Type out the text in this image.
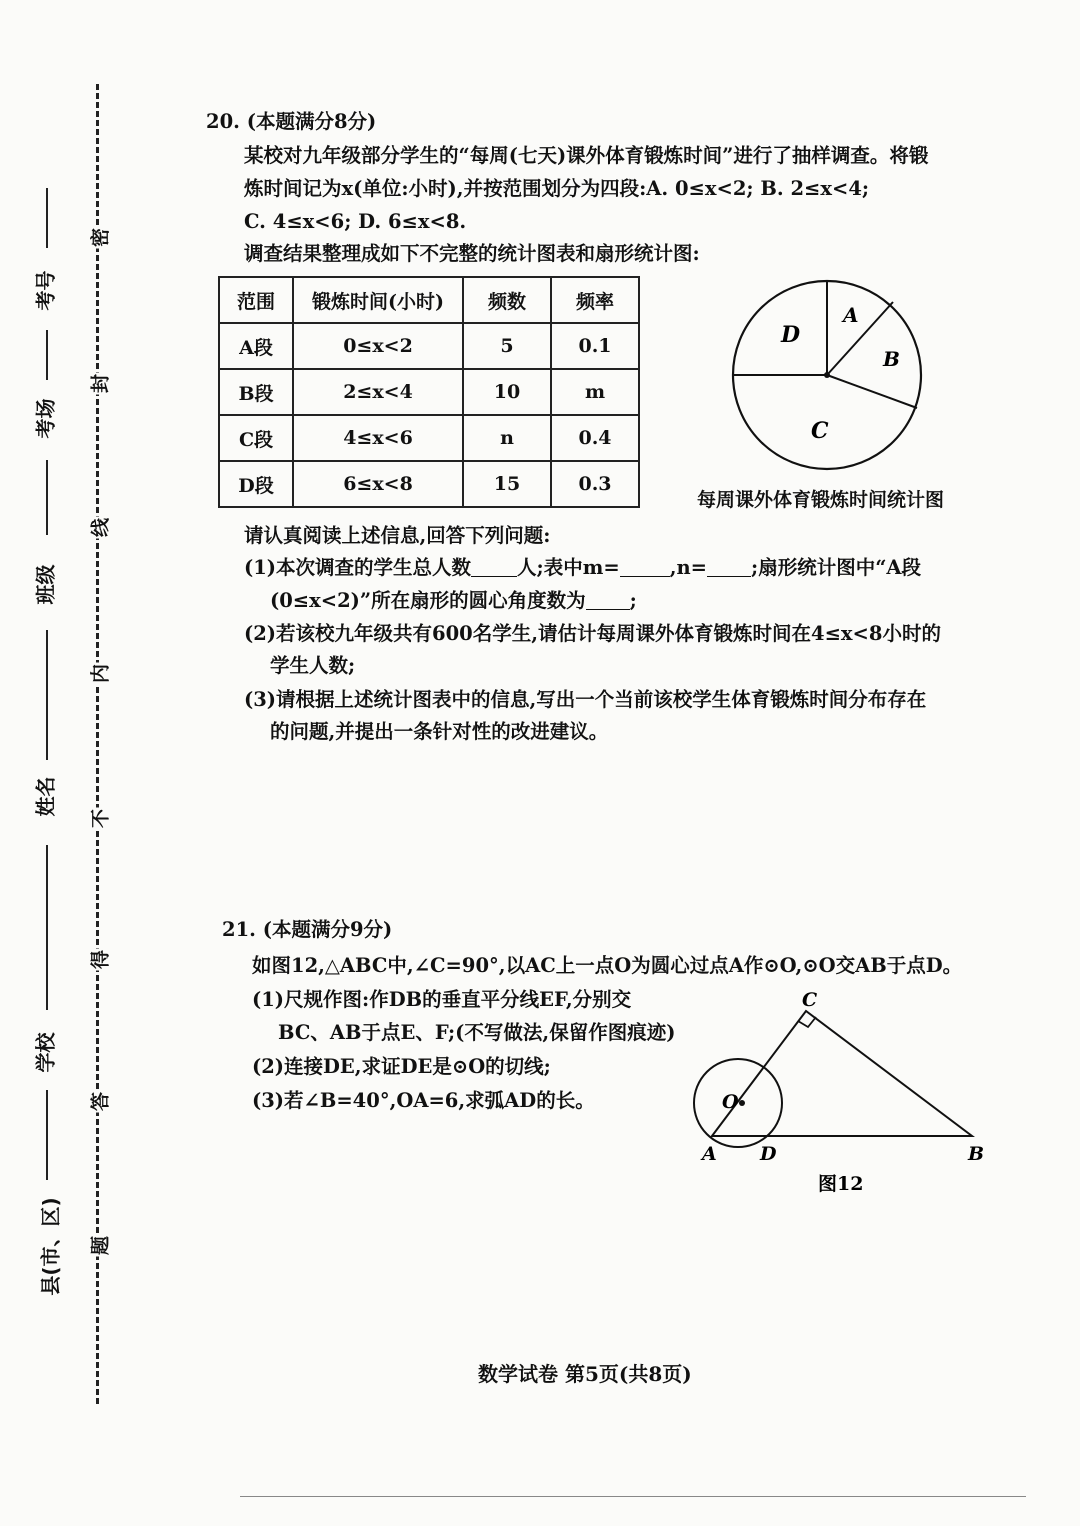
考号
考场
班级
姓名
学校
县(市、区)
密
封
线
内
不
得
答
题
20. (本题满分8分)
某校对九年级部分学生的“每周(七天)课外体育锻炼时间”进行了抽样调查。将锻
炼时间记为x(单位:小时),并按范围划分为四段:A. 0≤x<2; B. 2≤x<4;
C. 4≤x<6; D. 6≤x<8.
调查结果整理成如下不完整的统计图表和扇形统计图:
范围	锻炼时间(小时)	频数	频率
A段	0≤x<2	5	0.1
B段	2≤x<4	10	m
C段	4≤x<6	n	0.4
D段	6≤x<8	15	0.3
A
B
C
D
每周课外体育锻炼时间统计图
请认真阅读上述信息,回答下列问题:
(1)本次调查的学生总人数 人;表中m=	,n= ;扇形统计图中“A段
(0≤x<2)”所在扇形的圆心角度数为 ;
(2)若该校九年级共有600名学生,请估计每周课外体育锻炼时间在4≤x<8小时的
学生人数;
(3)请根据上述统计图表中的信息,写出一个当前该校学生体育锻炼时间分布存在
的问题,并提出一条针对性的改进建议。
21. (本题满分9分)
如图12,△ABC中,∠C=90°,以AC上一点O为圆心过点A作⊙O,⊙O交AB于点D。
(1)尺规作图:作DB的垂直平分线EF,分别交
BC、AB于点E、F;(不写做法,保留作图痕迹)
(2)连接DE,求证DE是⊙O的切线;
(3)若∠B=40°,OA=6,求弧AD的长。
C
O
A D	B
图12
数学试卷 第5页(共8页)
